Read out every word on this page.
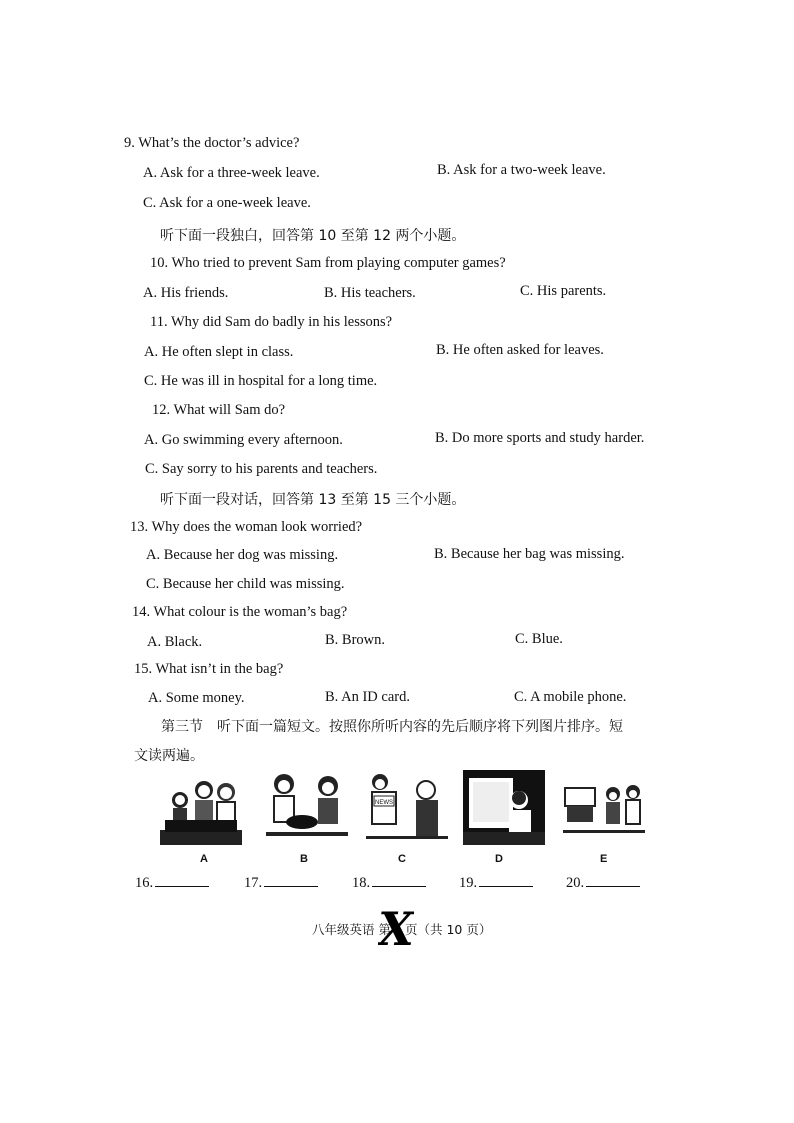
9. What’s the doctor’s advice?
A. Ask for a three-week leave.	B. Ask for a two-week leave.
C. Ask for a one-week leave.
听下面一段独白，回答第 10 至第 12 两个小题。
10. Who tried to prevent Sam from playing computer games?
A. His friends.	B. His teachers.	C. His parents.
11. Why did Sam do badly in his lessons?
A. He often slept in class.	B. He often asked for leaves.
C. He was ill in hospital for a long time.
12. What will Sam do?
A. Go swimming every afternoon.	B. Do more sports and study harder.
C. Say sorry to his parents and teachers.
听下面一段对话，回答第 13 至第 15 三个小题。
13. Why does the woman look worried?
A. Because her dog was missing.	B. Because her bag was missing.
C. Because her child was missing.
14. What colour is the woman’s bag?
A. Black.	B. Brown.	C. Blue.
15. What isn’t in the bag?
A. Some money.	B. An ID card.	C. A mobile phone.
第三节　听下面一篇短文。按照你所听内容的先后顺序将下列图片排序。短
文读两遍。
A	B
NEWS
C	D	E
16.	17.	18.	19.	20.
八年级英语 第 页（共 10 页）
X
